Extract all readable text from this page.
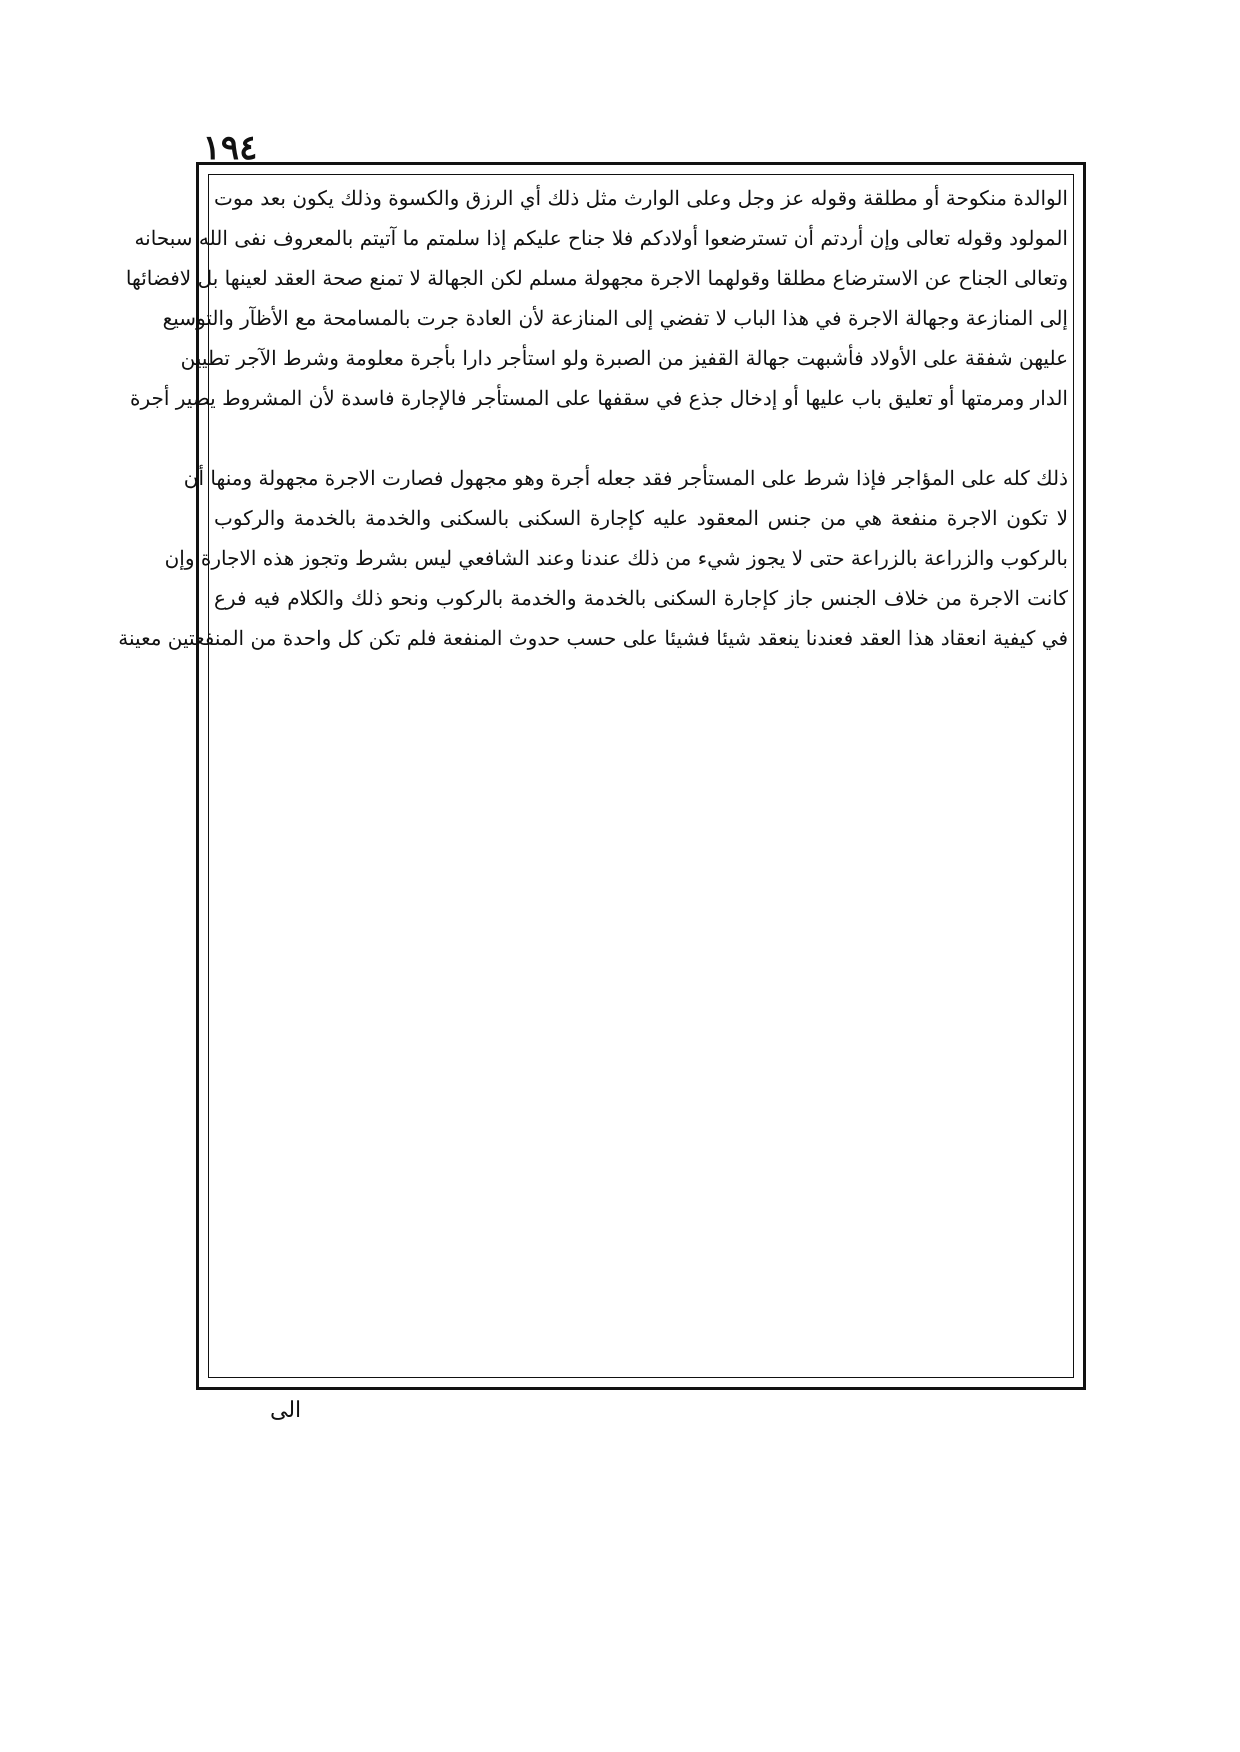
١٩٤
الوالدة منكوحة أو مطلقة وقوله عز وجل وعلى الوارث مثل ذلك أي الرزق والكسوة وذلك يكون بعد موت
المولود وقوله تعالى وإن أردتم أن تسترضعوا أولادكم فلا جناح عليكم إذا سلمتم ما آتيتم بالمعروف نفى الله سبحانه
وتعالى الجناح عن الاسترضاع مطلقا وقولهما الاجرة مجهولة مسلم لكن الجهالة لا تمنع صحة العقد لعينها بل لافضائها
إلى المنازعة وجهالة الاجرة في هذا الباب لا تفضي إلى المنازعة لأن العادة جرت بالمسامحة مع الأظآر والتوسيع
عليهن شفقة على الأولاد فأشبهت جهالة القفيز من الصبرة ولو استأجر دارا بأجرة معلومة وشرط الآجر تطيين
الدار ومرمتها أو تعليق باب عليها أو إدخال جذع في سقفها على المستأجر فالإجارة فاسدة لأن المشروط يصير أجرة
ذلك كله على المؤاجر فإذا شرط على المستأجر فقد جعله أجرة وهو مجهول فصارت الاجرة مجهولة ومنها أن
لا تكون الاجرة منفعة هي من جنس المعقود عليه كإجارة السكنى بالسكنى والخدمة بالخدمة والركوب
بالركوب والزراعة بالزراعة حتى لا يجوز شيء من ذلك عندنا وعند الشافعي ليس بشرط وتجوز هذه الاجارة وإن
كانت الاجرة من خلاف الجنس جاز كإجارة السكنى بالخدمة والخدمة بالركوب ونحو ذلك والكلام فيه فرع
في كيفية انعقاد هذا العقد فعندنا ينعقد شيئا فشيئا على حسب حدوث المنفعة فلم تكن كل واحدة من المنفعتين معينة
الی
